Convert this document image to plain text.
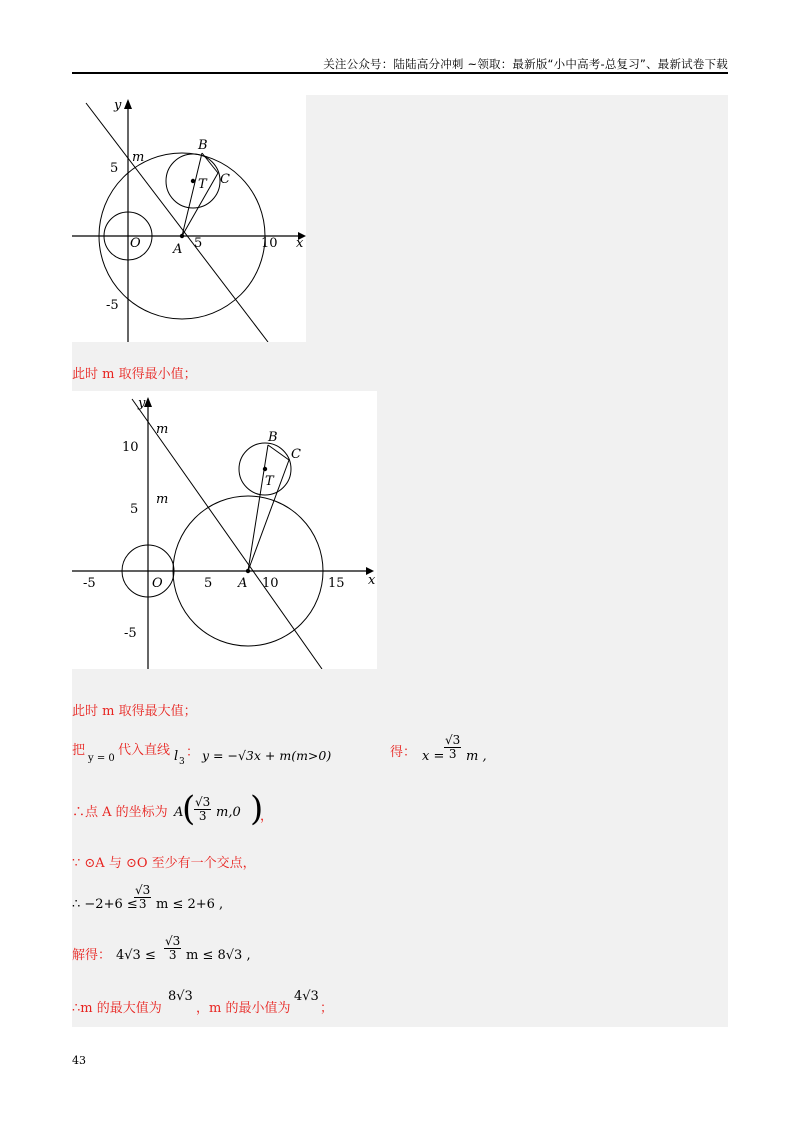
关注公众号：陆陆高分冲刺 ~领取：最新版“小中高考-总复习”、最新试卷下载
y
x
5	10
5
-5
m
B
C
T
O A
此时 m 取得最小值；
y
x
-5	5	10	15
10
5
-5
m
m
B
C
T
O	A
此时 m 取得最大值；
把
y = 0
代入直线 l 3
： y = −√3x + m(m>0)	得： $x = \frac{√3}{3}$ m ,
∴点 A 的坐标为 A
(
$\frac{√3}{3} m,0$ )
，
∵ ⊙A 与 ⊙O 至少有一个交点，
∴ −2+6 ≤
$\frac{√3}{3}$ m ≤ 2+6 ,
解得： $4√3 \le \frac{√3}{3}$ m ≤ 8√3 ,
∴m 的最大值为
8√3
，m 的最小值为
4√3
；
43
